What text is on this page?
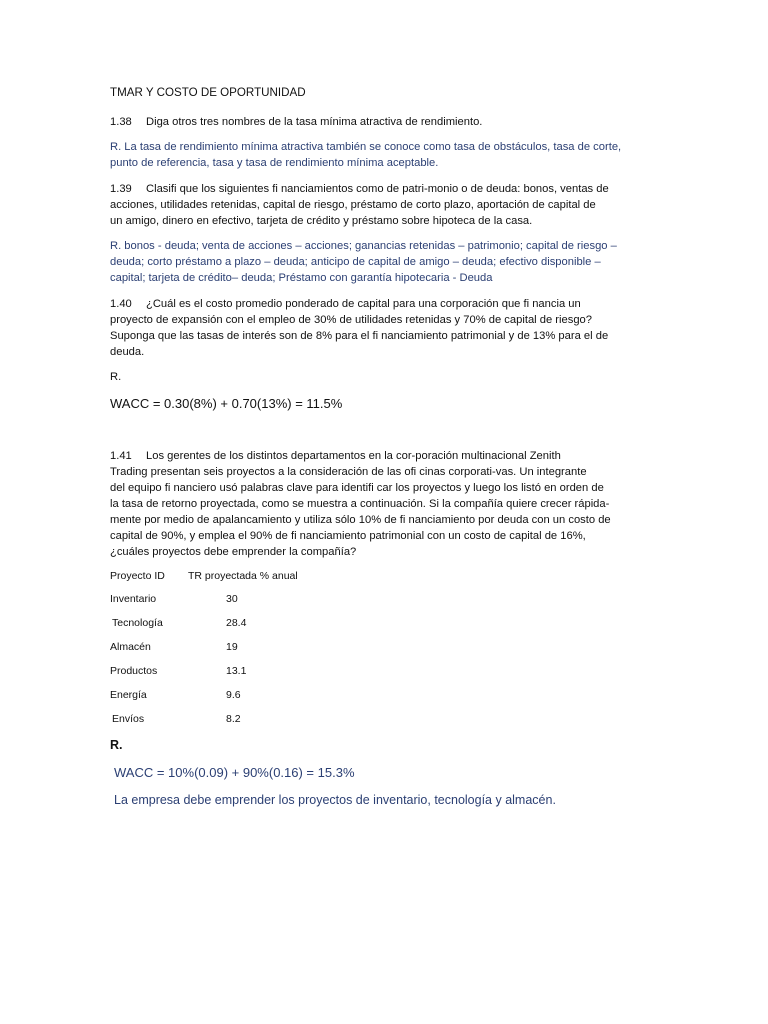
TMAR Y COSTO DE OPORTUNIDAD
1.38 Diga otros tres nombres de la tasa mínima atractiva de rendimiento.
R. La tasa de rendimiento mínima atractiva también se conoce como tasa de obstáculos, tasa de corte,
punto de referencia, tasa y tasa de rendimiento mínima aceptable.
1.39 Clasifi que los siguientes fi nanciamientos como de patri-monio o de deuda: bonos, ventas de
acciones, utilidades retenidas, capital de riesgo, préstamo de corto plazo, aportación de capital de
un amigo, dinero en efectivo, tarjeta de crédito y préstamo sobre hipoteca de la casa.
R. bonos - deuda; venta de acciones – acciones; ganancias retenidas – patrimonio; capital de riesgo –
deuda; corto préstamo a plazo – deuda; anticipo de capital de amigo – deuda; efectivo disponible –
capital; tarjeta de crédito– deuda; Préstamo con garantía hipotecaria - Deuda
1.40 ¿Cuál es el costo promedio ponderado de capital para una corporación que fi nancia un
proyecto de expansión con el empleo de 30% de utilidades retenidas y 70% de capital de riesgo?
Suponga que las tasas de interés son de 8% para el fi nanciamiento patrimonial y de 13% para el de
deuda.
R.
WACC = 0.30(8%) + 0.70(13%) = 11.5%
1.41 Los gerentes de los distintos departamentos en la cor-poración multinacional Zenith
Trading presentan seis proyectos a la consideración de las ofi cinas corporati-vas. Un integrante
del equipo fi nanciero usó palabras clave para identifi car los proyectos y luego los listó en orden de
la tasa de retorno proyectada, como se muestra a continuación. Si la compañía quiere crecer rápida-
mente por medio de apalancamiento y utiliza sólo 10% de fi nanciamiento por deuda con un costo de
capital de 90%, y emplea el 90% de fi nanciamiento patrimonial con un costo de capital de 16%,
¿cuáles proyectos debe emprender la compañía?
Proyecto ID TR proyectada % anual
Inventario	30
Tecnología	28.4
Almacén	19
Productos	13.1
Energía	9.6
Envíos	8.2
R.
WACC = 10%(0.09) + 90%(0.16) = 15.3%
La empresa debe emprender los proyectos de inventario, tecnología y almacén.
